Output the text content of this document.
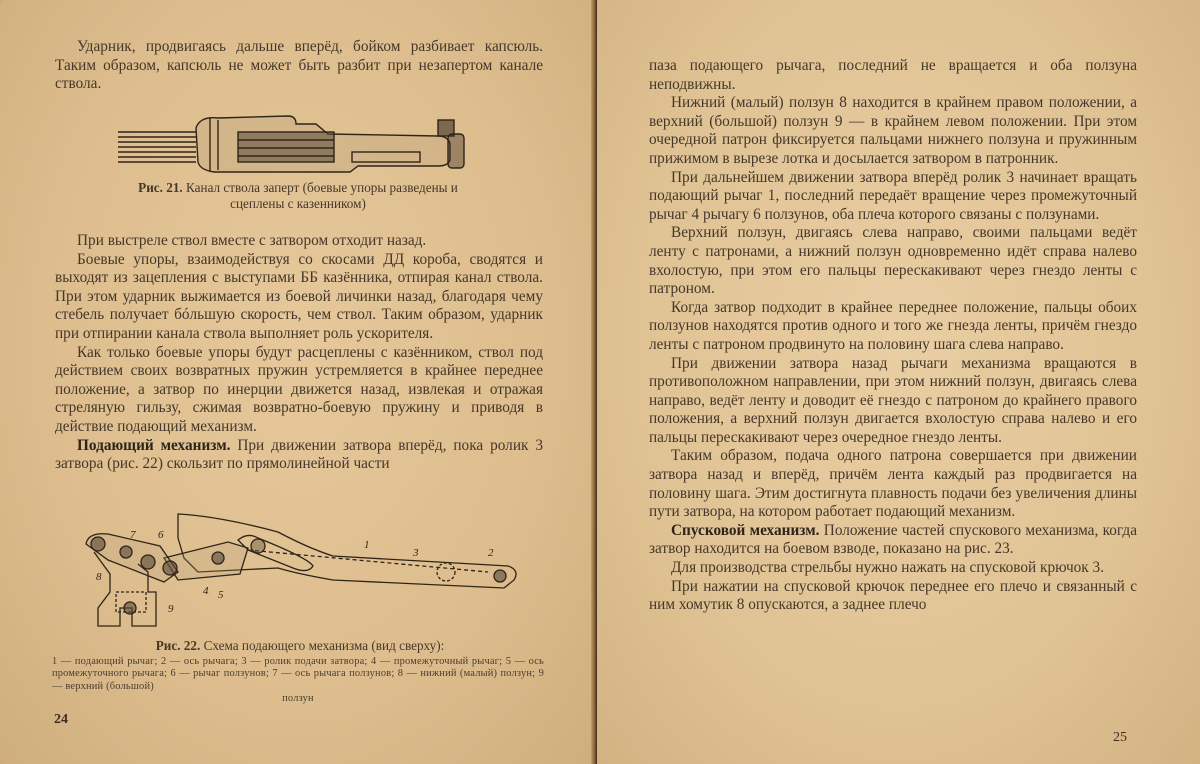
Ударник, продвигаясь дальше вперёд, бойком разбивает капсюль. Таким образом, капсюль не может быть разбит при незапертом канале ствола.

Рис. 21. Канал ствола заперт (боевые упоры разведены и сцеплены с казенником)

При выстреле ствол вместе с затвором отходит назад.

Боевые упоры, взаимодействуя со скосами ДД короба, сводятся и выходят из зацепления с выступами ББ казённика, отпирая канал ствола. При этом ударник выжимается из боевой личинки назад, благодаря чему стебель получает бóльшую скорость, чем ствол. Таким образом, ударник при отпирании канала ствола выполняет роль ускорителя.

Как только боевые упоры будут расцеплены с казёнником, ствол под действием своих возвратных пружин устремляется в крайнее переднее положение, а затвор по инерции движется назад, извлекая и отражая стреляную гильзу, сжимая возвратно-боевую пружину и приводя в действие подающий механизм.

Подающий механизм. При движении затвора вперёд, пока ролик 3 затвора (рис. 22) скользит по прямолинейной части

3	2
1
7 6
8
4 5
9
Рис. 22. Схема подающего механизма (вид сверху):
1 — подающий рычаг; 2 — ось рычага; 3 — ролик подачи затвора; 4 — промежуточный рычаг; 5 — ось промежуточного рычага; 6 — рычаг ползунов; 7 — ось рычага ползунов; 8 — нижний (малый) ползун; 9 — верхний (большой)
ползун
24

паза подающего рычага, последний не вращается и оба ползуна неподвижны.

Нижний (малый) ползун 8 находится в крайнем правом положении, а верхний (большой) ползун 9 — в крайнем левом положении. При этом очередной патрон фиксируется пальцами нижнего ползуна и пружинным прижимом в вырезе лотка и досылается затвором в патронник.

При дальнейшем движении затвора вперёд ролик 3 начинает вращать подающий рычаг 1, последний передаёт вращение через промежуточный рычаг 4 рычагу 6 ползунов, оба плеча которого связаны с ползунами.

Верхний ползун, двигаясь слева направо, своими пальцами ведёт ленту с патронами, а нижний ползун одновременно идёт справа налево вхолостую, при этом его пальцы перескакивают через гнездо ленты с патроном.

Когда затвор подходит в крайнее переднее положение, пальцы обоих ползунов находятся против одного и того же гнезда ленты, причём гнездо ленты с патроном продвинуто на половину шага слева направо.

При движении затвора назад рычаги механизма вращаются в противоположном направлении, при этом нижний ползун, двигаясь слева направо, ведёт ленту и доводит её гнездо с патроном до крайнего правого положения, а верхний ползун двигается вхолостую справа налево и его пальцы перескакивают через очередное гнездо ленты.

Таким образом, подача одного патрона совершается при движении затвора назад и вперёд, причём лента каждый раз продвигается на половину шага. Этим достигнута плавность подачи без увеличения длины пути затвора, на котором работает подающий механизм.

Спусковой механизм. Положение частей спускового механизма, когда затвор находится на боевом взводе, показано на рис. 23.

Для производства стрельбы нужно нажать на спусковой крючок 3.

При нажатии на спусковой крючок переднее его плечо и связанный с ним хомутик 8 опускаются, а заднее плечо

25
